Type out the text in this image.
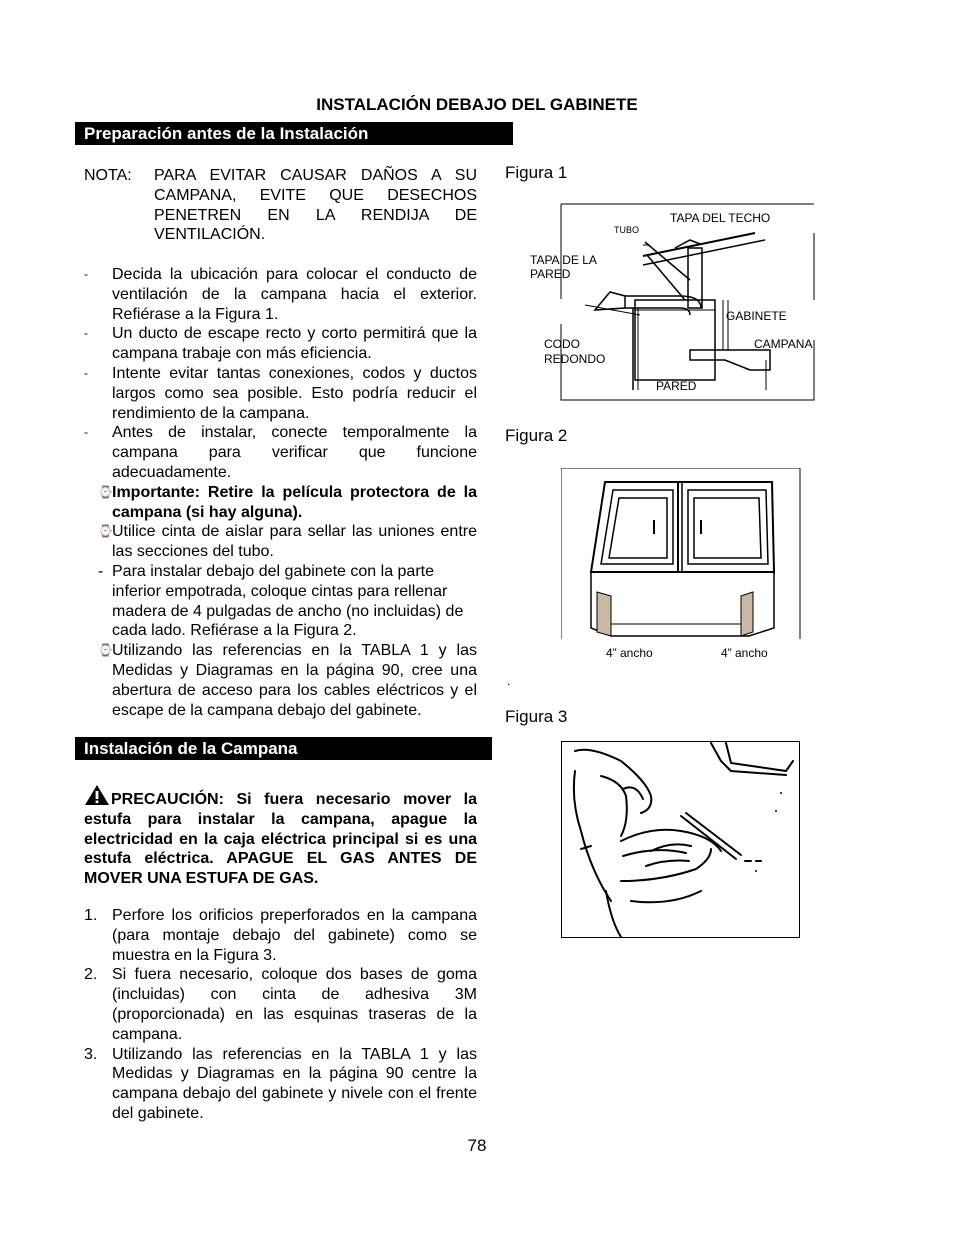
INSTALACIÓN DEBAJO DEL GABINETE
Preparación antes de la Instalación
NOTA:	PARA EVITAR CAUSAR DAÑOS A SU CAMPANA, EVITE QUE DESECHOS PENETREN EN LA RENDIJA DE VENTILACIÓN.
-	Decida la ubicación para colocar el conducto de ventilación de la campana hacia el exterior. Refiérase a la Figura 1.
-	Un ducto de escape recto y corto permitirá que la campana trabaje con más eficiencia.
-	Intente evitar tantas conexiones, codos y ductos largos como sea posible. Esto podría reducir el rendimiento de la campana.
-	Antes de instalar, conecte temporalmente la campana para verificar que funcione adecuadamente.
⌚ Importante: Retire la película protectora de la campana (si hay alguna).
⌚ Utilice cinta de aislar para sellar las uniones entre las secciones del tubo.
- Para instalar debajo del gabinete con la parte inferior empotrada, coloque cintas para rellenar madera de 4 pulgadas de ancho (no incluidas) de cada lado. Refiérase a la Figura 2.
⌚ Utilizando las referencias en la TABLA 1 y las Medidas y Diagramas en la página 90, cree una abertura de acceso para los cables eléctricos y el escape de la campana debajo del gabinete.
Instalación de la Campana
PRECAUCIÓN: Si fuera necesario mover la estufa para instalar la campana, apague la electricidad en la caja eléctrica principal si es una estufa eléctrica. APAGUE EL GAS ANTES DE MOVER UNA ESTUFA DE GAS.
1. Perfore los orificios preperforados en la campana (para montaje debajo del gabinete) como se muestra en la Figura 3.
2. Si fuera necesario, coloque dos bases de goma (incluidas) con cinta de adhesiva 3M (proporcionada) en las esquinas traseras de la campana.
3. Utilizando las referencias en la TABLA 1 y las Medidas y Diagramas en la página 90 centre la campana debajo del gabinete y nivele con el frente del gabinete.
Figura 1
TAPA DEL TECHO
TUBO
TAPA DE LA PARED
GABINETE
CODO REDONDO
CAMPANA
PARED
Figura 2
4” ancho	4” ancho
.
Figura 3
78
